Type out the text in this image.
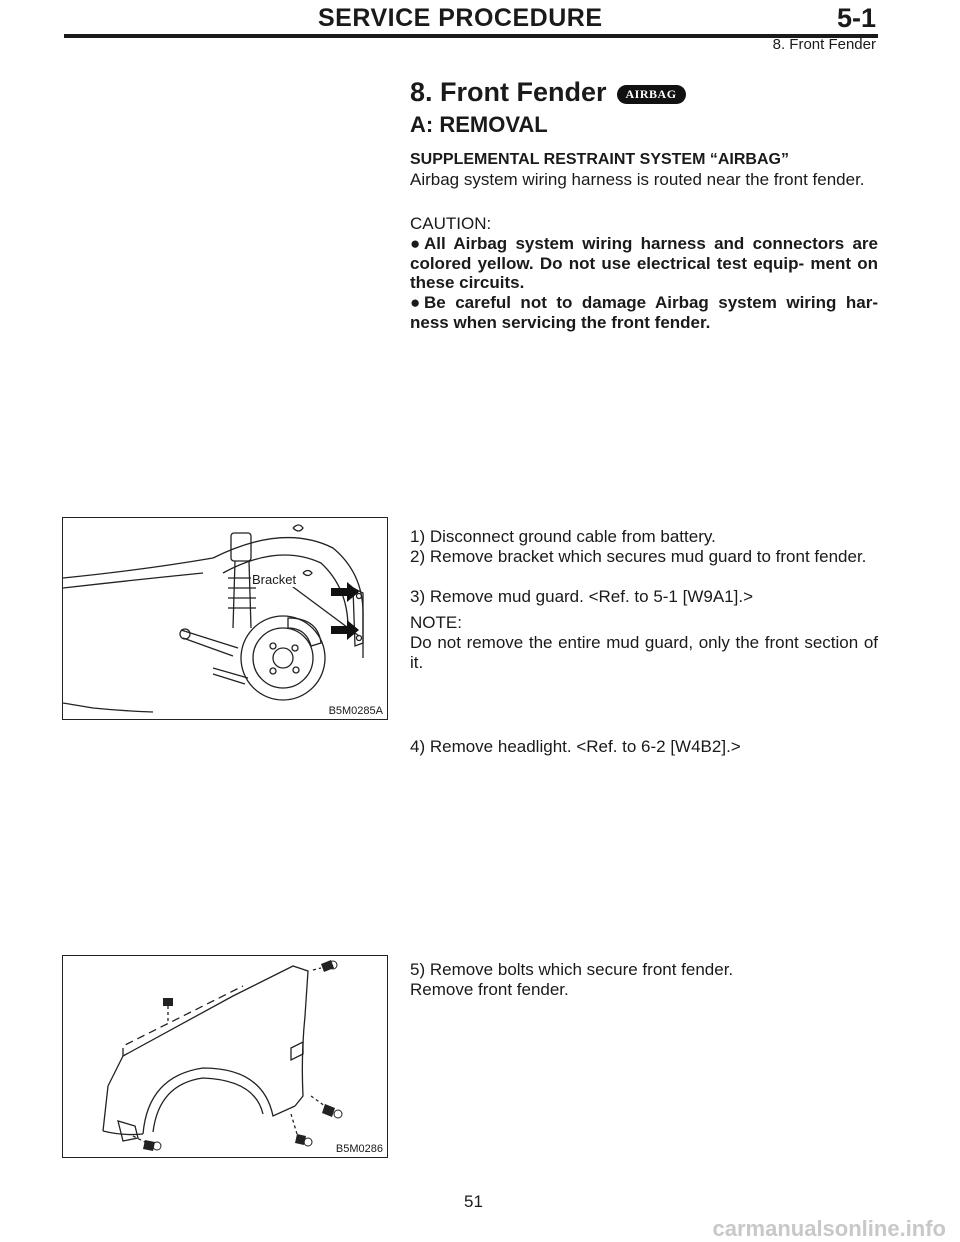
SERVICE PROCEDURE	5-1
8. Front Fender
8. Front Fender	AIRBAG
A: REMOVAL
SUPPLEMENTAL RESTRAINT SYSTEM “AIRBAG”
Airbag system wiring harness is routed near the front fender.
CAUTION:
● All Airbag system wiring harness and connectors are colored yellow. Do not use electrical test equip- ment on these circuits.
● Be careful not to damage Airbag system wiring har- ness when servicing the front fender.
Bracket
B5M0285A
1) Disconnect ground cable from battery.
2) Remove bracket which secures mud guard to front fender.
3) Remove mud guard. <Ref. to 5-1 [W9A1].>
NOTE:
Do not remove the entire mud guard, only the front section of it.
4) Remove headlight. <Ref. to 6-2 [W4B2].>
B5M0286
5) Remove bolts which secure front fender.
Remove front fender.
51
carmanualsonline.info
